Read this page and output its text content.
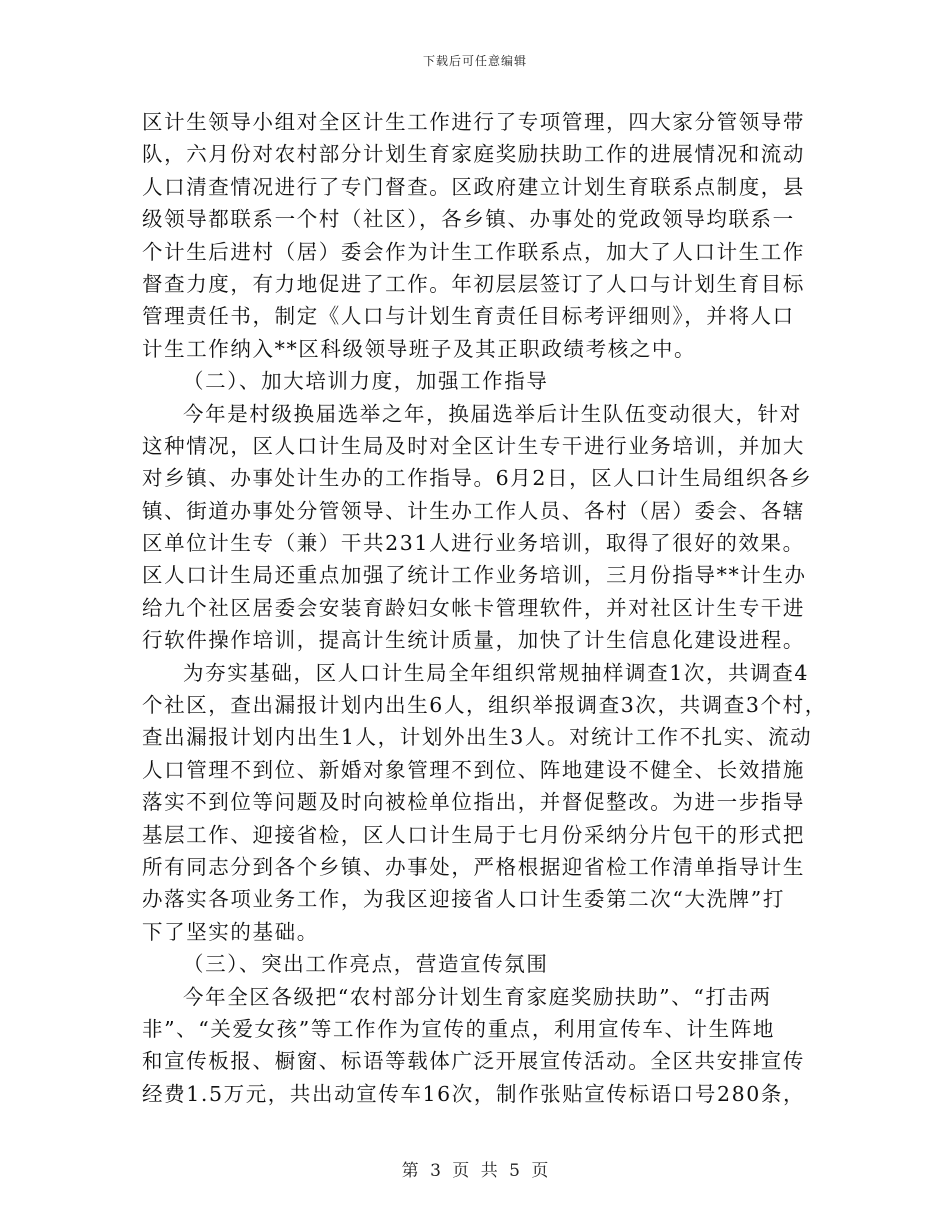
下载后可任意编辑
区计生领导小组对全区计生工作进行了专项管理，四大家分管领导带
队，六月份对农村部分计划生育家庭奖励扶助工作的进展情况和流动
人口清查情况进行了专门督查。区政府建立计划生育联系点制度，县
级领导都联系一个村（社区），各乡镇、办事处的党政领导均联系一
个计生后进村（居）委会作为计生工作联系点，加大了人口计生工作
督查力度，有力地促进了工作。年初层层签订了人口与计划生育目标
管理责任书，制定《人口与计划生育责任目标考评细则》，并将人口
计生工作纳入**区科级领导班子及其正职政绩考核之中。
（二）、加大培训力度，加强工作指导
今年是村级换届选举之年，换届选举后计生队伍变动很大，针对
这种情况，区人口计生局及时对全区计生专干进行业务培训，并加大
对乡镇、办事处计生办的工作指导。6月2日，区人口计生局组织各乡
镇、街道办事处分管领导、计生办工作人员、各村（居）委会、各辖
区单位计生专（兼）干共231人进行业务培训，取得了很好的效果。
区人口计生局还重点加强了统计工作业务培训，三月份指导**计生办
给九个社区居委会安装育龄妇女帐卡管理软件，并对社区计生专干进
行软件操作培训，提高计生统计质量，加快了计生信息化建设进程。
为夯实基础，区人口计生局全年组织常规抽样调查1次，共调查4
个社区，查出漏报计划内出生6人，组织举报调查3次，共调查3个村，
查出漏报计划内出生1人，计划外出生3人。对统计工作不扎实、流动
人口管理不到位、新婚对象管理不到位、阵地建设不健全、长效措施
落实不到位等问题及时向被检单位指出，并督促整改。为进一步指导
基层工作、迎接省检，区人口计生局于七月份采纳分片包干的形式把
所有同志分到各个乡镇、办事处，严格根据迎省检工作清单指导计生
办落实各项业务工作，为我区迎接省人口计生委第二次“大洗牌”打
下了坚实的基础。
（三）、突出工作亮点，营造宣传氛围
今年全区各级把“农村部分计划生育家庭奖励扶助”、“打击两
非”、“关爱女孩”等工作作为宣传的重点，利用宣传车、计生阵地
和宣传板报、橱窗、标语等载体广泛开展宣传活动。全区共安排宣传
经费1.5万元，共出动宣传车16次，制作张贴宣传标语口号280条，
第 3 页 共 5 页
